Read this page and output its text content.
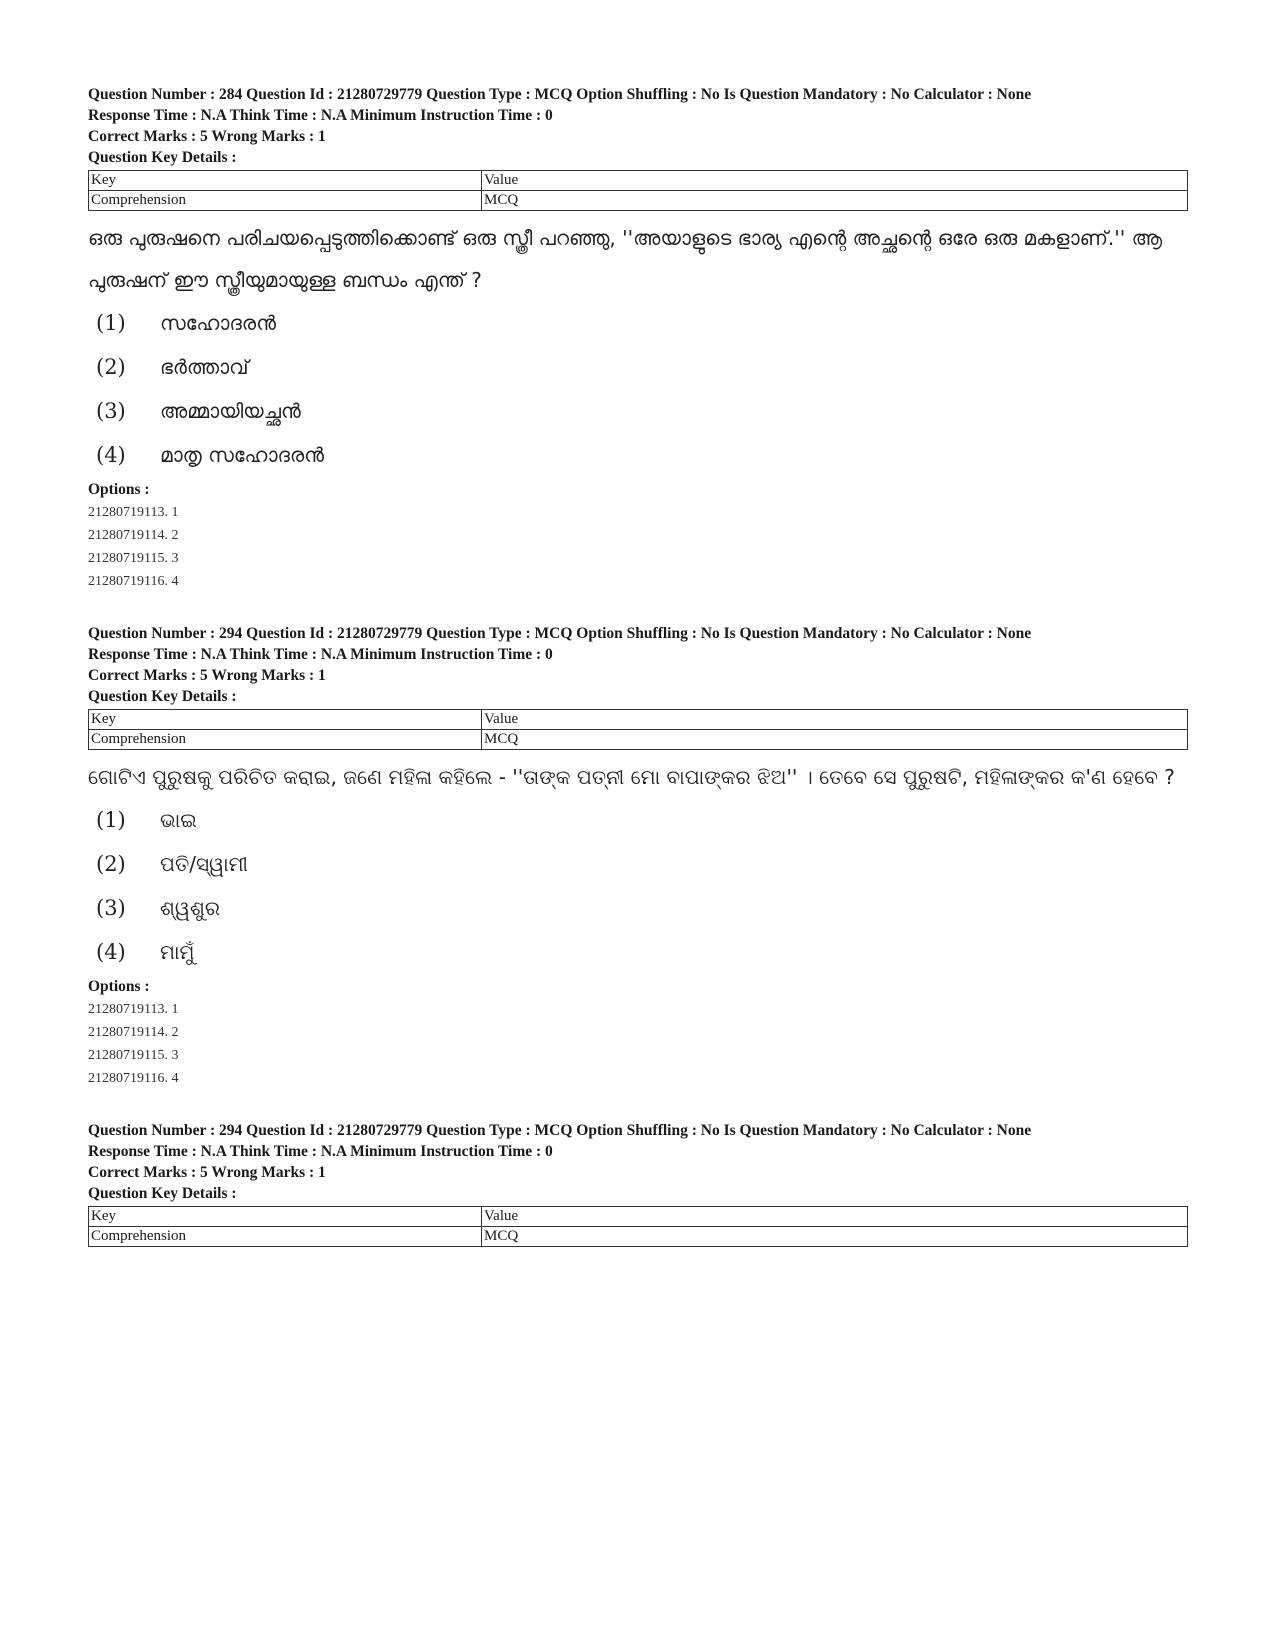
Question Number : 284 Question Id : 21280729779 Question Type : MCQ Option Shuffling : No Is Question Mandatory : No Calculator : None
Response Time : N.A Think Time : N.A Minimum Instruction Time : 0
Correct Marks : 5 Wrong Marks : 1
Question Key Details :
Key	Value
Comprehension	MCQ
ഒരു പുരുഷനെ പരിചയപ്പെടുത്തിക്കൊണ്ട് ഒരു സ്ത്രീ പറഞ്ഞു, ''അയാളുടെ ഭാര്യ എന്റെ അച്ഛന്റെ ഒരേ ഒരു മകളാണ്.'' ആ പുരുഷന് ഈ സ്ത്രീയുമായുള്ള ബന്ധം എന്ത് ?
(1)	സഹോദരൻ
(2)	ഭർത്താവ്
(3)	അമ്മായിയച്ഛൻ
(4)	മാതൃ സഹോദരൻ
Options :
21280719113. 1
21280719114. 2
21280719115. 3
21280719116. 4
Question Number : 294 Question Id : 21280729779 Question Type : MCQ Option Shuffling : No Is Question Mandatory : No Calculator : None
Response Time : N.A Think Time : N.A Minimum Instruction Time : 0
Correct Marks : 5 Wrong Marks : 1
Question Key Details :
Key	Value
Comprehension	MCQ
ଗୋଟିଏ ପୁରୁଷକୁ ପରିଚିତ କରାଇ, ଜଣେ ମହିଳା କହିଲେ - ''ତାଙ୍କ ପତ୍ନୀ ମୋ ବାପାଙ୍କର ଝିଅ'' । ତେବେ ସେ ପୁରୁଷଟି, ମହିଳାଙ୍କର କ'ଣ ହେବେ ?
(1)	ଭାଇ
(2)	ପତି/ସ୍ୱାମୀ
(3)	ଶ୍ୱଶୁର
(4)	ମାମୁଁ
Options :
21280719113. 1
21280719114. 2
21280719115. 3
21280719116. 4
Question Number : 294 Question Id : 21280729779 Question Type : MCQ Option Shuffling : No Is Question Mandatory : No Calculator : None
Response Time : N.A Think Time : N.A Minimum Instruction Time : 0
Correct Marks : 5 Wrong Marks : 1
Question Key Details :
Key	Value
Comprehension	MCQ
